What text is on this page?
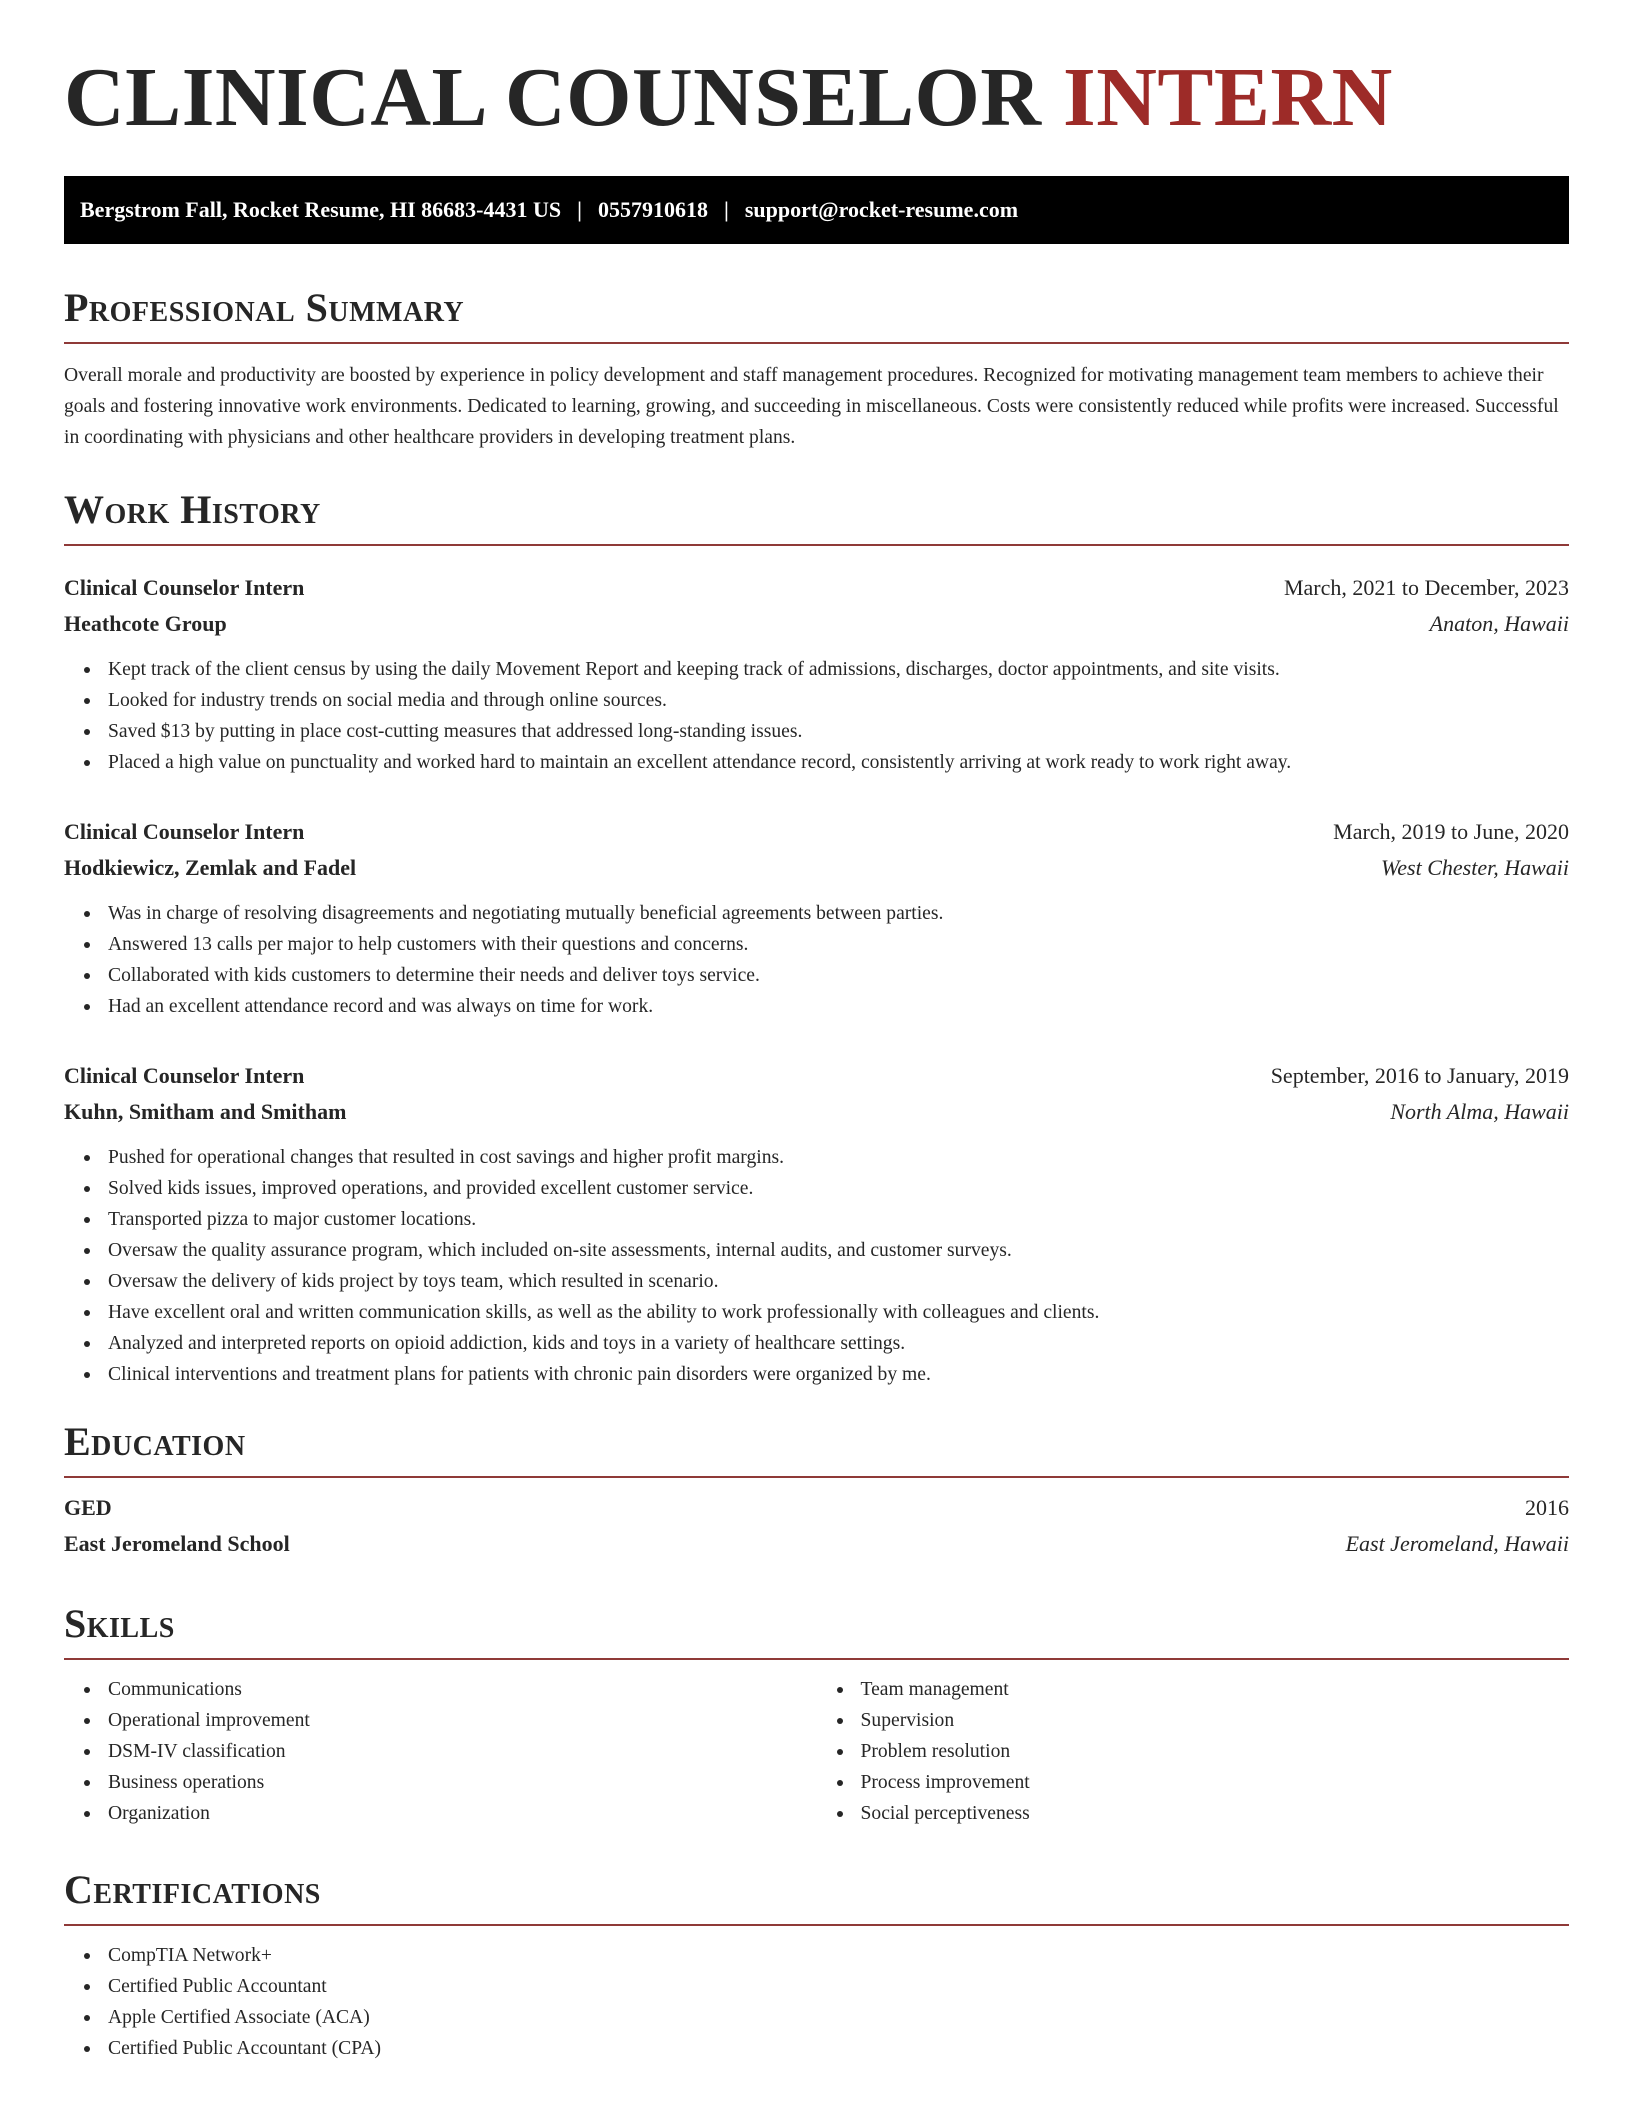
CLINICAL COUNSELOR INTERN
Bergstrom Fall, Rocket Resume, HI 86683-4431 US | 0557910618 | support@rocket-resume.com
Professional Summary

Overall morale and productivity are boosted by experience in policy development and staff management procedures. Recognized for motivating management team members to achieve their goals and fostering innovative work environments. Dedicated to learning, growing, and succeeding in miscellaneous. Costs were consistently reduced while profits were increased. Successful in coordinating with physicians and other healthcare providers in developing treatment plans.

Work History
Clinical Counselor Intern	March, 2021 to December, 2023
Heathcote Group	Anaton, Hawaii
Kept track of the client census by using the daily Movement Report and keeping track of admissions, discharges, doctor appointments, and site visits.
Looked for industry trends on social media and through online sources.
Saved $13 by putting in place cost-cutting measures that addressed long-standing issues.
Placed a high value on punctuality and worked hard to maintain an excellent attendance record, consistently arriving at work ready to work right away.
Clinical Counselor Intern	March, 2019 to June, 2020
Hodkiewicz, Zemlak and Fadel	West Chester, Hawaii
Was in charge of resolving disagreements and negotiating mutually beneficial agreements between parties.
Answered 13 calls per major to help customers with their questions and concerns.
Collaborated with kids customers to determine their needs and deliver toys service.
Had an excellent attendance record and was always on time for work.
Clinical Counselor Intern	September, 2016 to January, 2019
Kuhn, Smitham and Smitham	North Alma, Hawaii
Pushed for operational changes that resulted in cost savings and higher profit margins.
Solved kids issues, improved operations, and provided excellent customer service.
Transported pizza to major customer locations.
Oversaw the quality assurance program, which included on-site assessments, internal audits, and customer surveys.
Oversaw the delivery of kids project by toys team, which resulted in scenario.
Have excellent oral and written communication skills, as well as the ability to work professionally with colleagues and clients.
Analyzed and interpreted reports on opioid addiction, kids and toys in a variety of healthcare settings.
Clinical interventions and treatment plans for patients with chronic pain disorders were organized by me.
Education
GED	2016
East Jeromeland School	East Jeromeland, Hawaii
Skills
Communications
Operational improvement
DSM-IV classification
Business operations
Organization
Team management
Supervision
Problem resolution
Process improvement
Social perceptiveness
Certifications
CompTIA Network+
Certified Public Accountant
Apple Certified Associate (ACA)
Certified Public Accountant (CPA)
